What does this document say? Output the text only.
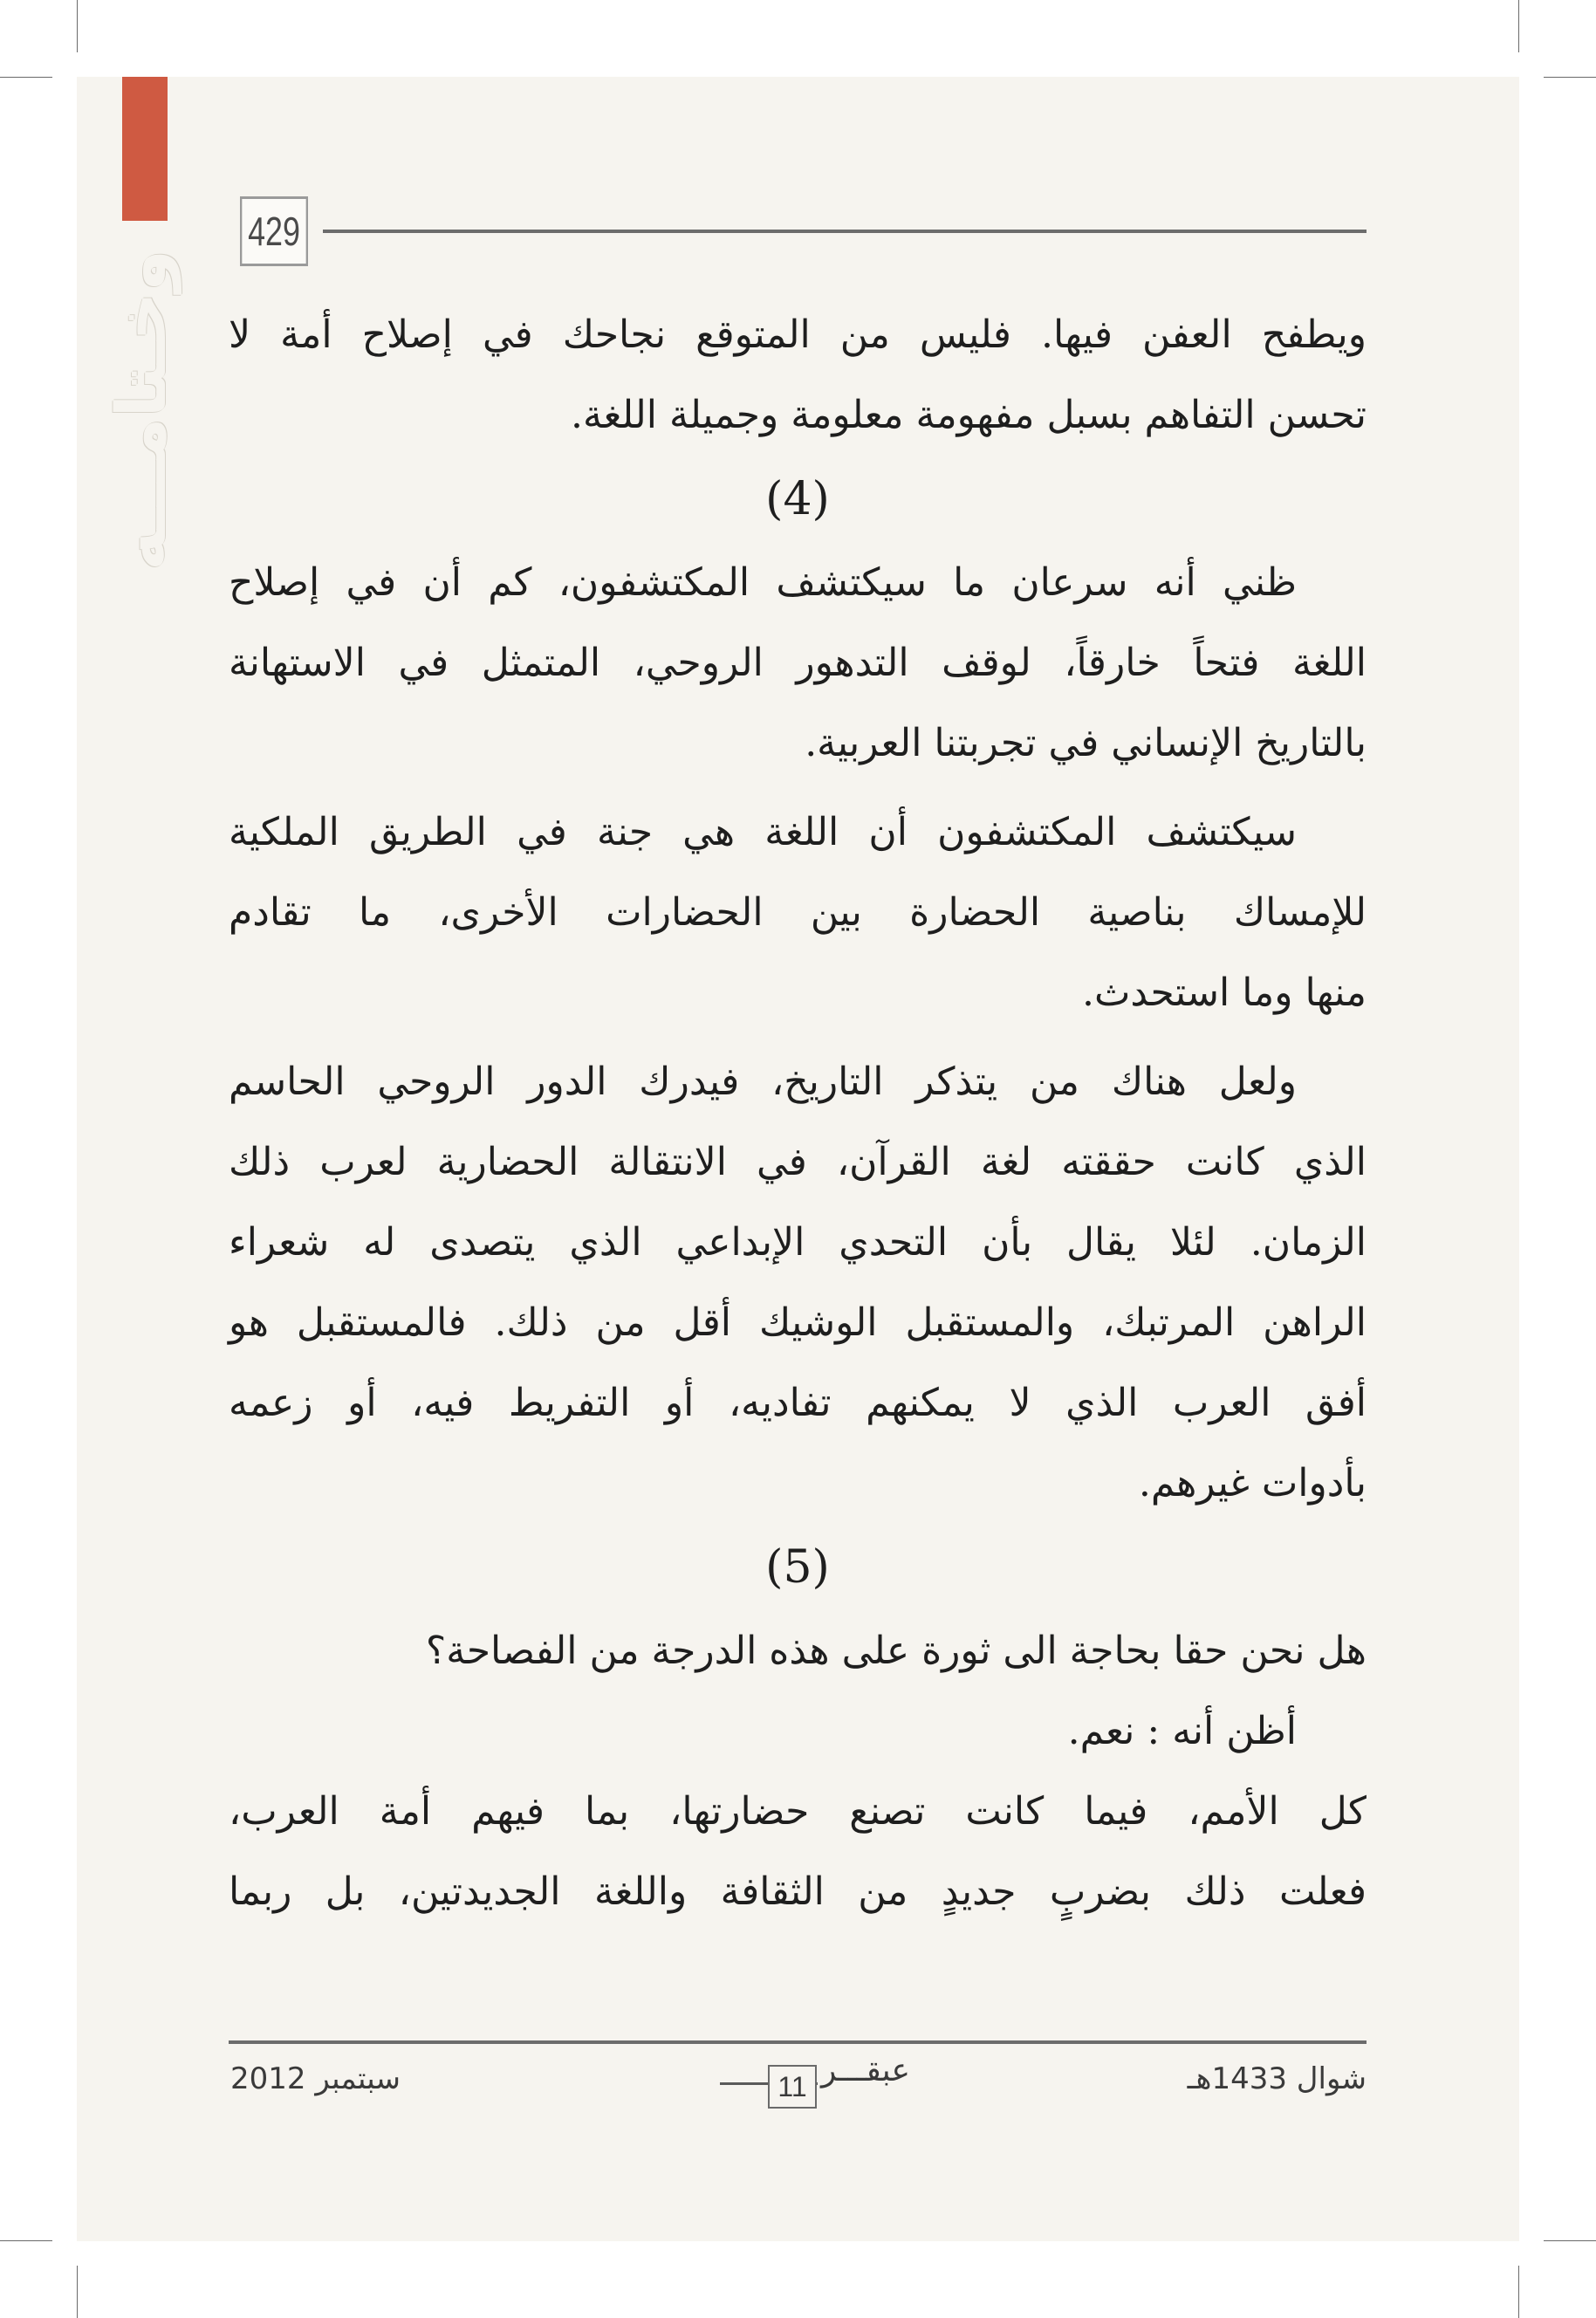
وخـتامـــه
429
ويطفح العفن فيها. فليس من المتوقع نجاحك في إصلاح أمة لا
تحسن التفاهم بسبل مفهومة معلومة وجميلة اللغة.
(4)
ظني أنه سرعان ما سيكتشف المكتشفون، كم أن في إصلاح
اللغة فتحاً خارقاً، لوقف التدهور الروحي، المتمثل في الاستهانة
بالتاريخ الإنساني في تجربتنا العربية.
سيكتشف المكتشفون أن اللغة هي جنة في الطريق الملكية
للإمساك بناصية الحضارة بين الحضارات الأخرى، ما تقادم
منها وما استحدث.
ولعل هناك من يتذكر التاريخ، فيدرك الدور الروحي الحاسم
الذي كانت حققته لغة القرآن، في الانتقالة الحضارية لعرب ذلك
الزمان. لئلا يقال بأن التحدي الإبداعي الذي يتصدى له شعراء
الراهن المرتبك، والمستقبل الوشيك أقل من ذلك. فالمستقبل هو
أفق العرب الذي لا يمكنهم تفاديه، أو التفريط فيه، أو زعمه
بأدوات غيرهم.
(5)
هل نحن حقا بحاجة الى ثورة على هذه الدرجة من الفصاحة؟
أظن أنه : نعم.
كل الأمم، فيما كانت تصنع حضارتها، بما فيهم أمة العرب،
فعلت ذلك بضربٍ جديدٍ من الثقافة واللغة الجديدتين، بل ربما
شوال 1433هـ
سبتمبر 2012	عبقـــر
11
